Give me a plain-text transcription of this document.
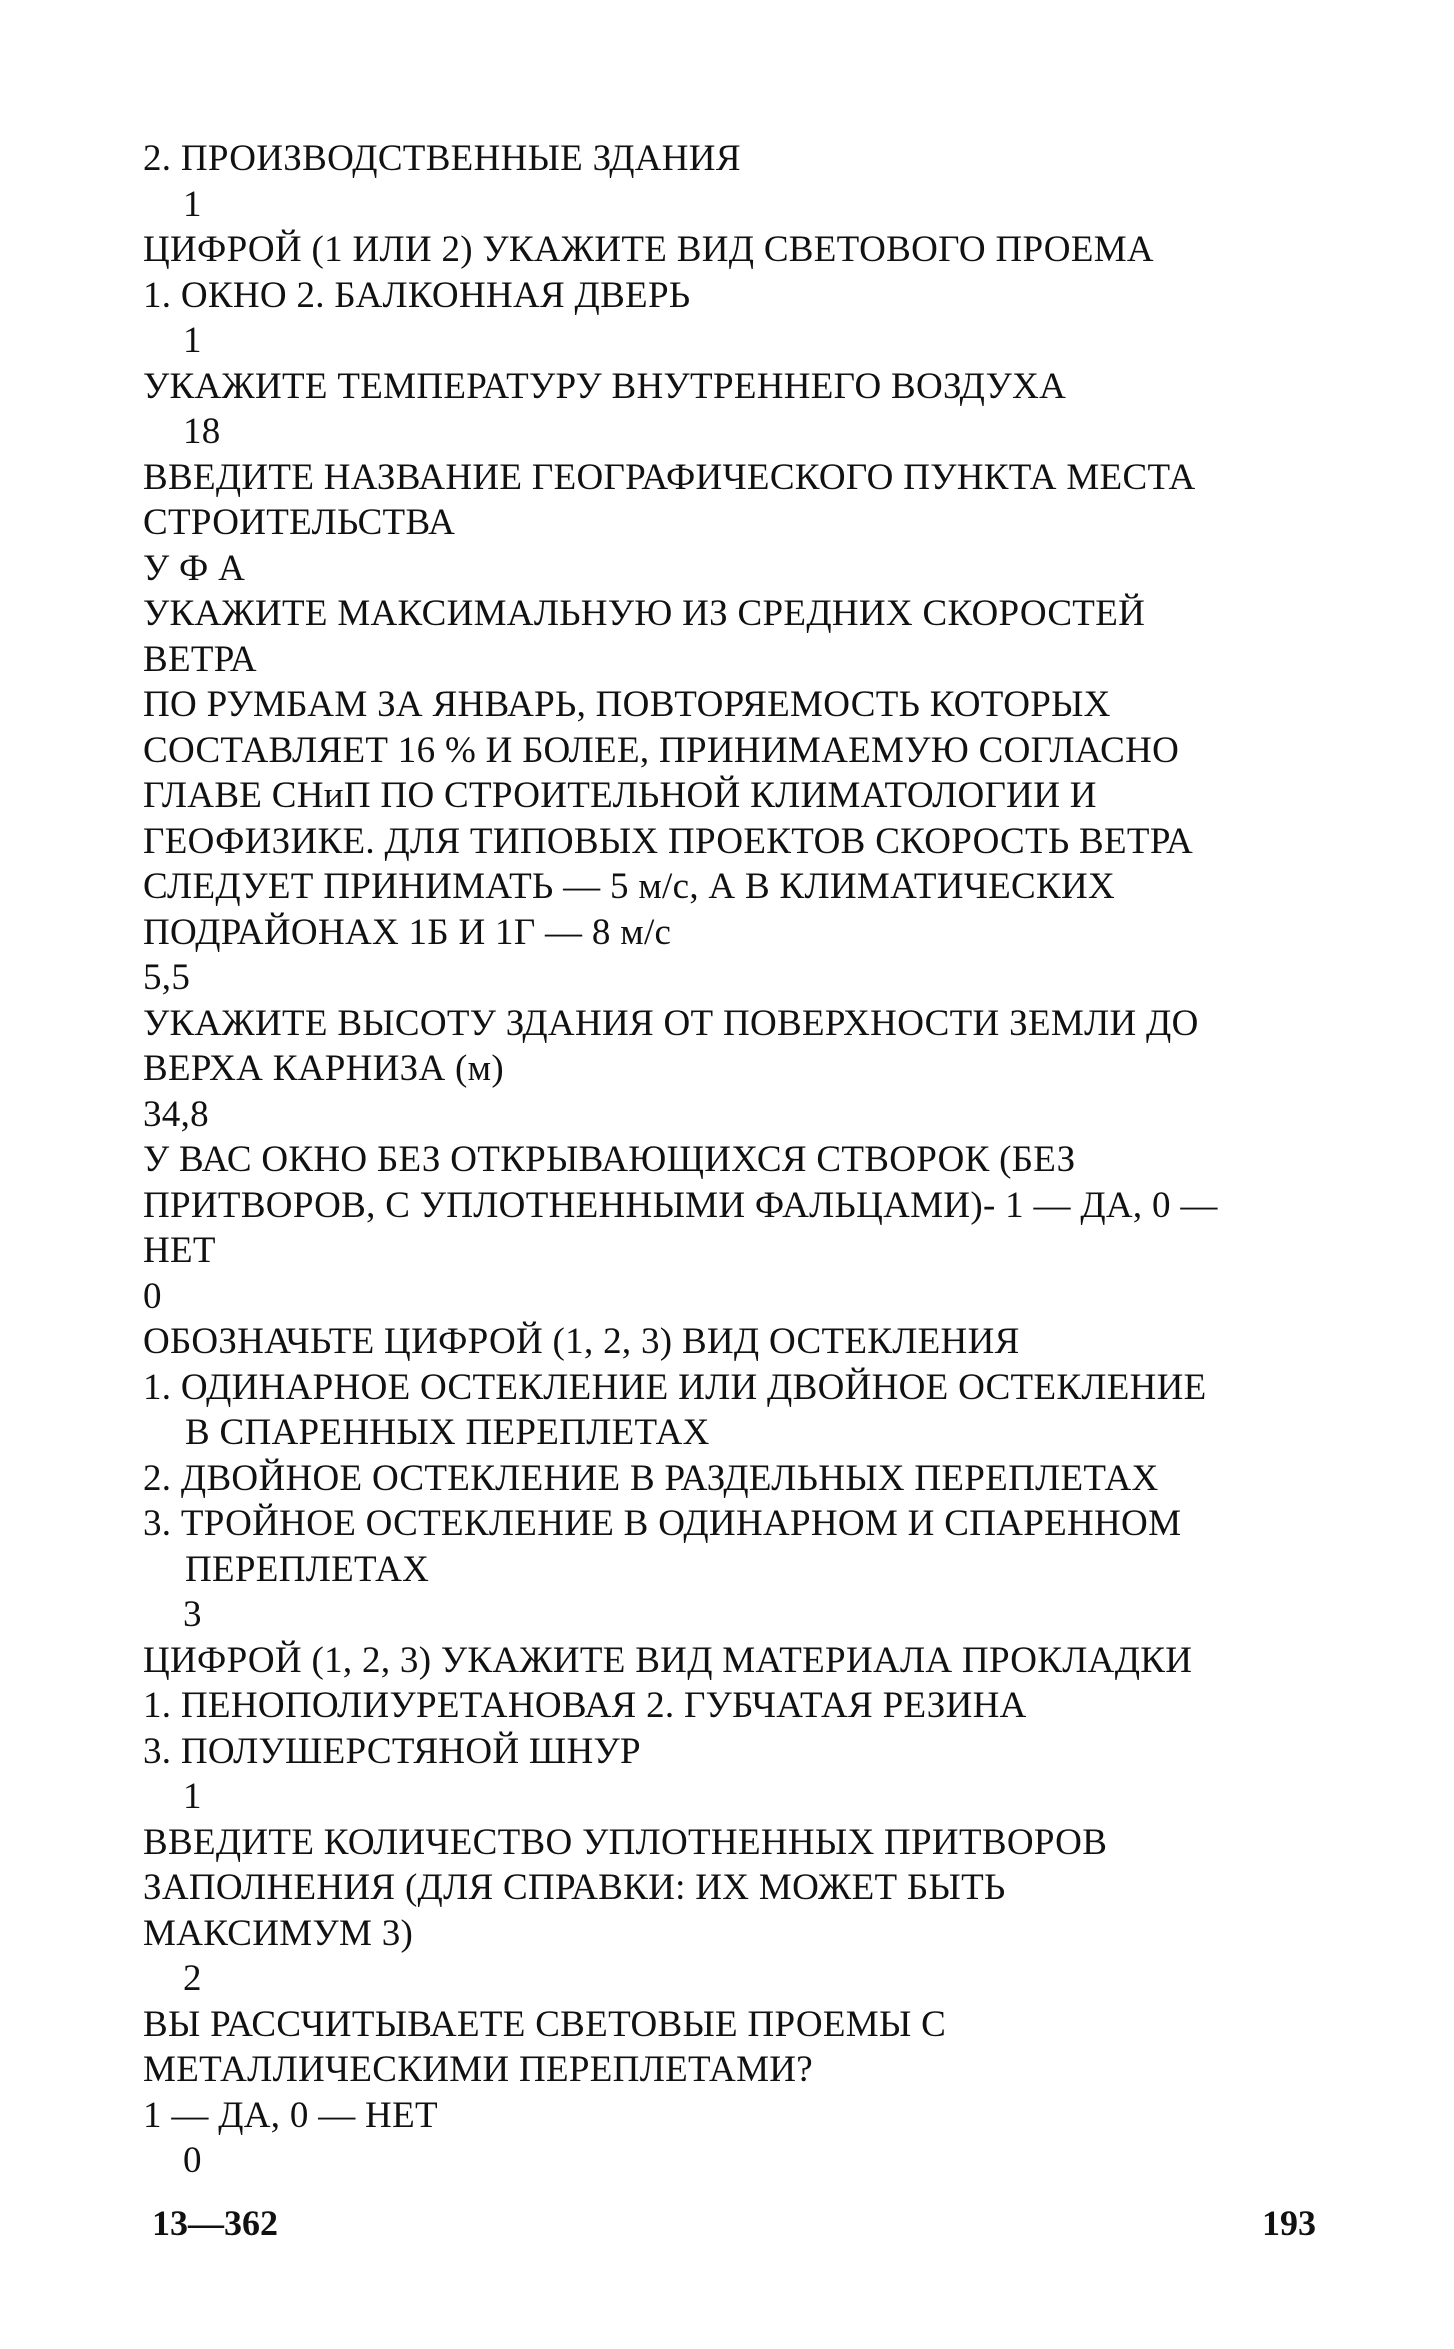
2. ПРОИЗВОДСТВЕННЫЕ ЗДАНИЯ
1
ЦИФРОЙ (1 ИЛИ 2) УКАЖИТЕ ВИД СВЕТОВОГО ПРОЕМА
1. ОКНО 2. БАЛКОННАЯ ДВЕРЬ
1
УКАЖИТЕ ТЕМПЕРАТУРУ ВНУТРЕННЕГО ВОЗДУХА
18
ВВЕДИТЕ НАЗВАНИЕ ГЕОГРАФИЧЕСКОГО ПУНКТА МЕСТА
СТРОИТЕЛЬСТВА
У Ф А
УКАЖИТЕ МАКСИМАЛЬНУЮ ИЗ СРЕДНИХ СКОРОСТЕЙ
ВЕТРА
ПО РУМБАМ ЗА ЯНВАРЬ, ПОВТОРЯЕМОСТЬ КОТОРЫХ
СОСТАВЛЯЕТ 16 % И БОЛЕЕ, ПРИНИМАЕМУЮ СОГЛАСНО
ГЛАВЕ СНиП ПО СТРОИТЕЛЬНОЙ КЛИМАТОЛОГИИ И
ГЕОФИЗИКЕ. ДЛЯ ТИПОВЫХ ПРОЕКТОВ СКОРОСТЬ ВЕТРА
СЛЕДУЕТ ПРИНИМАТЬ — 5 м/с, А В КЛИМАТИЧЕСКИХ
ПОДРАЙОНАХ 1Б И 1Г — 8 м/с
5,5
УКАЖИТЕ ВЫСОТУ ЗДАНИЯ ОТ ПОВЕРХНОСТИ ЗЕМЛИ ДО
ВЕРХА КАРНИЗА (м)
34,8
У ВАС ОКНО БЕЗ ОТКРЫВАЮЩИХСЯ СТВОРОК (БЕЗ
ПРИТВОРОВ, С УПЛОТНЕННЫМИ ФАЛЬЦАМИ)- 1 — ДА, 0 —
НЕТ
0
ОБОЗНАЧЬТЕ ЦИФРОЙ (1, 2, 3) ВИД ОСТЕКЛЕНИЯ
1. ОДИНАРНОЕ ОСТЕКЛЕНИЕ ИЛИ ДВОЙНОЕ ОСТЕКЛЕНИЕ
В СПАРЕННЫХ ПЕРЕПЛЕТАХ
2. ДВОЙНОЕ ОСТЕКЛЕНИЕ В РАЗДЕЛЬНЫХ ПЕРЕПЛЕТАХ
3. ТРОЙНОЕ ОСТЕКЛЕНИЕ В ОДИНАРНОМ И СПАРЕННОМ
ПЕРЕПЛЕТАХ
3
ЦИФРОЙ (1, 2, 3) УКАЖИТЕ ВИД МАТЕРИАЛА ПРОКЛАДКИ
1. ПЕНОПОЛИУРЕТАНОВАЯ 2. ГУБЧАТАЯ РЕЗИНА
3. ПОЛУШЕРСТЯНОЙ ШНУР
1
ВВЕДИТЕ КОЛИЧЕСТВО УПЛОТНЕННЫХ ПРИТВОРОВ
ЗАПОЛНЕНИЯ (ДЛЯ СПРАВКИ: ИХ МОЖЕТ БЫТЬ
МАКСИМУМ 3)
2
ВЫ РАССЧИТЫВАЕТЕ СВЕТОВЫЕ ПРОЕМЫ С
МЕТАЛЛИЧЕСКИМИ ПЕРЕПЛЕТАМИ?
1 — ДА, 0 — НЕТ
0
13—362	193
